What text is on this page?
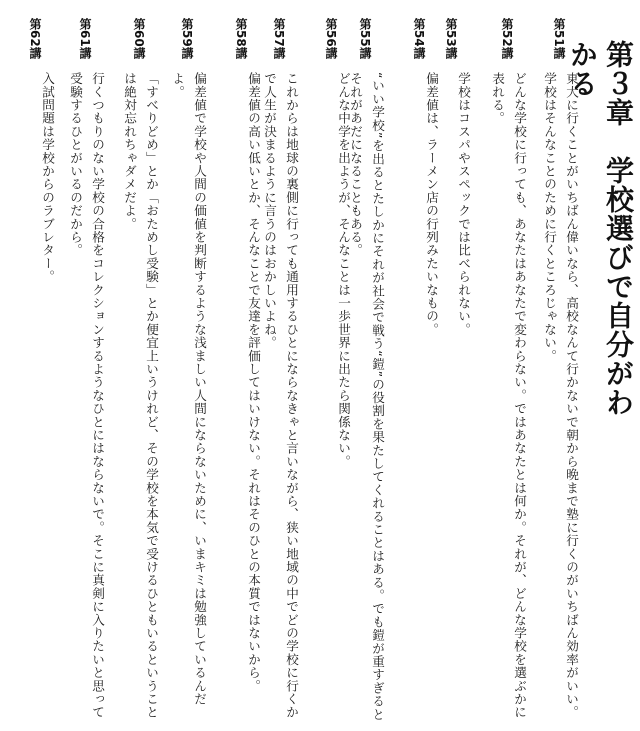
第３章　学校選びで自分がわかる
第51講
東大に行くことがいちばん偉いなら、高校なんて行かないで朝から晩まで塾に行くのがいちばん効率がいい。学校はそんなことのために行くところじゃない。
第52講
どんな学校に行っても、あなたはあなたで変わらない。ではあなたとは何か。それが、どんな学校を選ぶかに表れる。
第53講
学校はコスパやスペックでは比べられない。
第54講
偏差値は、ラーメン店の行列みたいなもの。
第55講
“いい学校”を出るとたしかにそれが社会で戦う“鎧”の役割を果たしてくれることはある。でも鎧が重すぎるとそれがあだになることもある。
第56講
どんな中学を出ようが、そんなことは一歩世界に出たら関係ない。
第57講
これからは地球の裏側に行っても通用するひとにならなきゃと言いながら、狭い地域の中でどの学校に行くかで人生が決まるように言うのはおかしいよね。
第58講
偏差値の高い低いとか、そんなことで友達を評価してはいけない。それはそのひとの本質ではないから。
第59講
偏差値で学校や人間の価値を判断するような浅ましい人間にならないために、いまキミは勉強しているんだよ。
第60講
「すべりどめ」とか「おためし受験」とか便宜上いうけれど、その学校を本気で受けるひともいるということは絶対忘れちゃダメだよ。
第61講
行くつもりのない学校の合格をコレクションするようなひとにはならないで。そこに真剣に入りたいと思って受験するひとがいるのだから。
第62講
入試問題は学校からのラブレター。
